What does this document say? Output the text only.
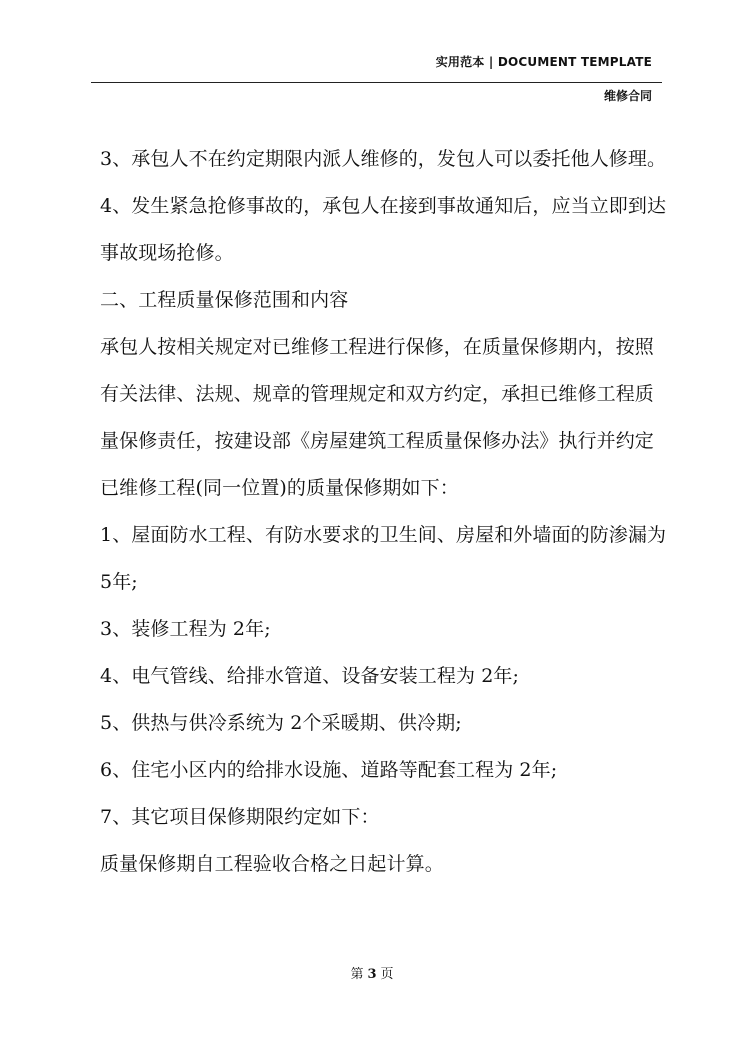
实用范本 | DOCUMENT TEMPLATE
维修合同
3、承包人不在约定期限内派人维修的，发包人可以委托他人修理。
4、发生紧急抢修事故的，承包人在接到事故通知后，应当立即到达
事故现场抢修。
二、工程质量保修范围和内容
承包人按相关规定对已维修工程进行保修，在质量保修期内，按照
有关法律、法规、规章的管理规定和双方约定，承担已维修工程质
量保修责任，按建设部《房屋建筑工程质量保修办法》执行并约定
已维修工程(同一位置)的质量保修期如下：
1、屋面防水工程、有防水要求的卫生间、房屋和外墙面的防渗漏为
5年;
3、装修工程为 2年;
4、电气管线、给排水管道、设备安装工程为 2年;
5、供热与供冷系统为 2个采暖期、供冷期;
6、住宅小区内的给排水设施、道路等配套工程为 2年;
7、其它项目保修期限约定如下：
质量保修期自工程验收合格之日起计算。
第 3 页
